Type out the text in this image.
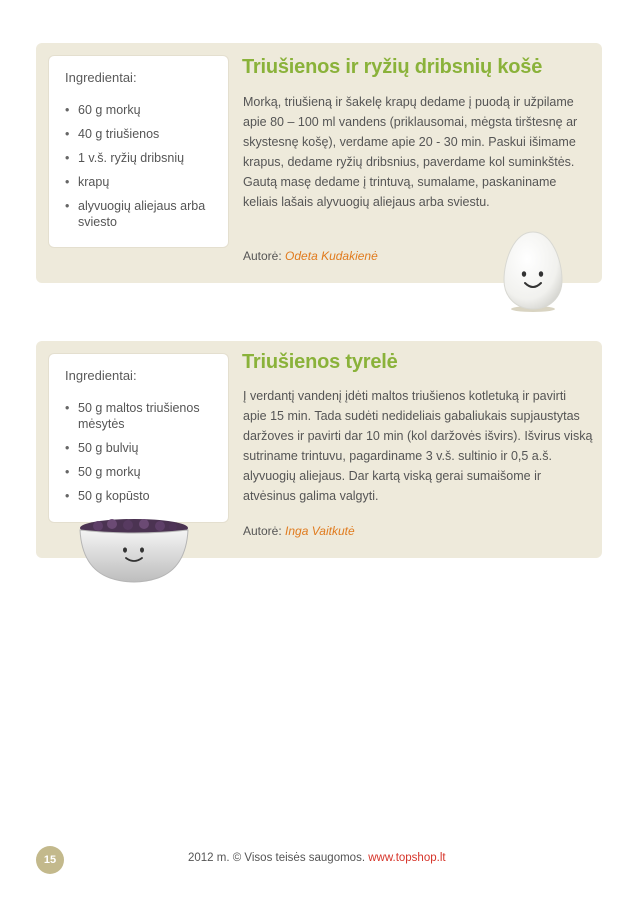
Ingredientai:
• 60 g morkų
• 40 g triušienos
• 1 v.š. ryžių dribsnių
• krapų
• alyvuogių aliejaus arba sviesto
Triušienos ir ryžių dribsnių košė
Morką, triušieną ir šakelę krapų dedame į puodą ir užpilame apie 80 – 100 ml vandens (priklausomai, mėgsta tirštesnę ar skystesnę košę), verdame apie 20 - 30 min. Paskui išimame krapus, dedame ryžių dribsnius, paverdame kol suminkštės. Gautą masę dedame į trintuvą, sumalame, paskaniname keliais lašais alyvuogių aliejaus arba sviestu.
Autorė: Odeta Kudakienė
Ingredientai:
• 50 g maltos triušienos mėsytės
• 50 g bulvių
• 50 g morkų
• 50 g kopūsto
Triušienos tyrelė
Į verdantį vandenį įdėti maltos triušienos kotletuką ir pavirti apie 15 min. Tada sudėti nedideliais gabaliukais supjaustytas daržoves ir pavirti dar 10 min (kol daržovės išvirs). Išvirus viską sutriname trintuvu, pagardiname 3 v.š. sultinio ir 0,5 a.š. alyvuogių aliejaus. Dar kartą viską gerai sumaišome ir atvėsinus galima valgyti.
Autorė: Inga Vaitkutė
15	2012 m. © Visos teisės saugomos. www.topshop.lt
